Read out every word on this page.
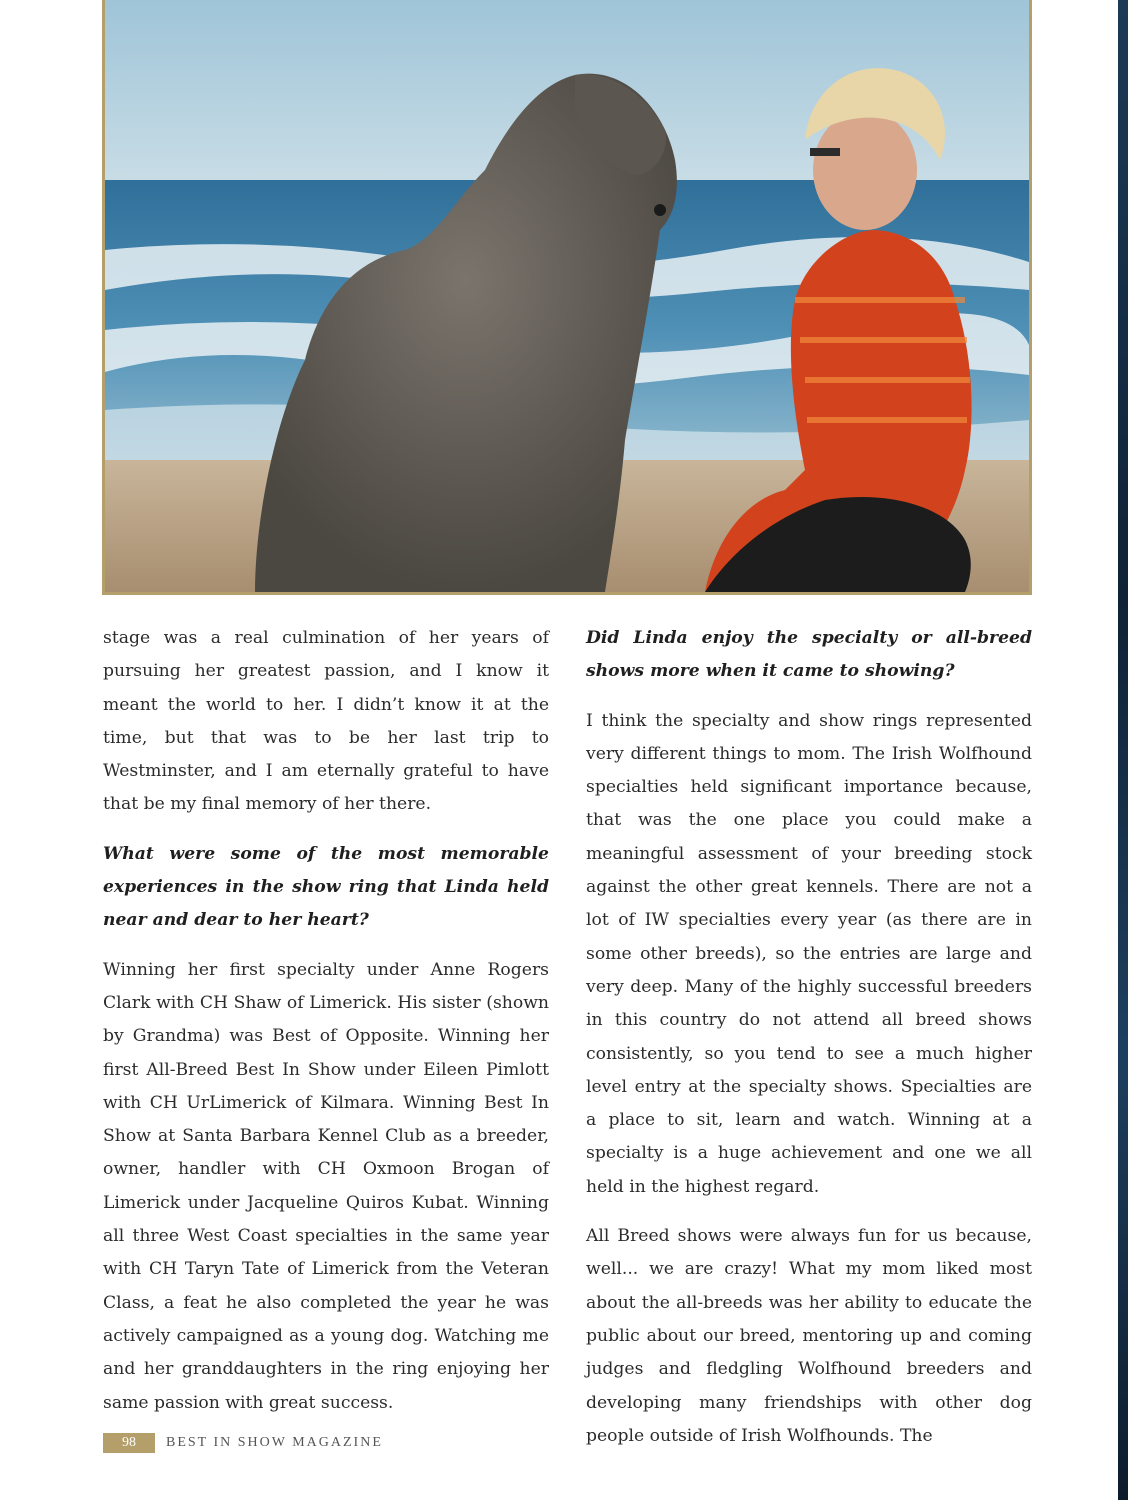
stage was a real culmination of her years of pursuing her greatest passion, and I know it meant the world to her. I didn’t know it at the time, but that was to be her last trip to Westminster, and I am eternally grateful to have that be my final memory of her there.

What were some of the most memorable experiences in the show ring that Linda held near and dear to her heart?

Winning her first specialty under Anne Rogers Clark with CH Shaw of Limerick. His sister (shown by Grandma) was Best of Opposite. Winning her first All-Breed Best In Show under Eileen Pimlott with CH UrLimerick of Kilmara. Winning Best In Show at Santa Barbara Kennel Club as a breeder, owner, handler with CH Oxmoon Brogan of Limerick under Jacqueline Quiros Kubat. Winning all three West Coast specialties in the same year with CH Taryn Tate of Limerick from the Veteran Class, a feat he also completed the year he was actively campaigned as a young dog. Watching me and her granddaughters in the ring enjoying her same passion with great success.

Did Linda enjoy the specialty or all-breed shows more when it came to showing?

I think the specialty and show rings represented very different things to mom. The Irish Wolfhound specialties held significant importance because, that was the one place you could make a meaningful assessment of your breeding stock against the other great kennels. There are not a lot of IW specialties every year (as there are in some other breeds), so the entries are large and very deep. Many of the highly successful breeders in this country do not attend all breed shows consistently, so you tend to see a much higher level entry at the specialty shows. Specialties are a place to sit, learn and watch. Winning at a specialty is a huge achievement and one we all held in the highest regard.

All Breed shows were always fun for us because, well... we are crazy! What my mom liked most about the all-breeds was her ability to educate the public about our breed, mentoring up and coming judges and fledgling Wolfhound breeders and developing many friendships with other dog people outside of Irish Wolfhounds. The

98	BEST IN SHOW MAGAZINE
